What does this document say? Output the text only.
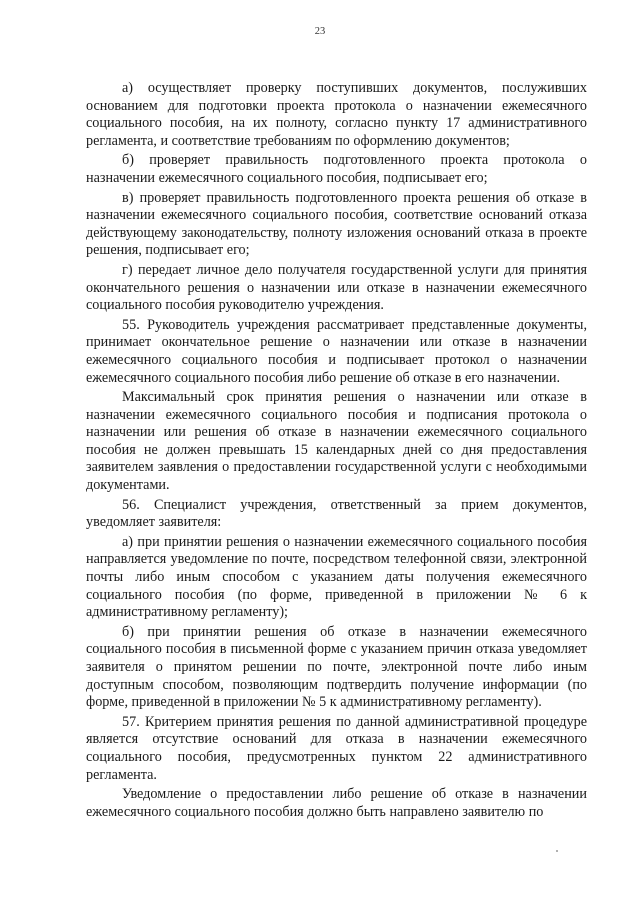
23

а) осуществляет проверку поступивших документов, послуживших основанием для подготовки проекта протокола о назначении ежемесячного социального пособия, на их полноту, согласно пункту 17 административного регламента, и соответствие требованиям по оформлению документов;

б) проверяет правильность подготовленного проекта протокола о назначении ежемесячного социального пособия, подписывает его;

в) проверяет правильность подготовленного проекта решения об отказе в назначении ежемесячного социального пособия, соответствие оснований отказа действующему законодательству, полноту изложения оснований отказа в проекте решения, подписывает его;

г) передает личное дело получателя государственной услуги для принятия окончательного решения о назначении или отказе в назначении ежемесячного социального пособия руководителю учреждения.

55. Руководитель учреждения рассматривает представленные документы, принимает окончательное решение о назначении или отказе в назначении ежемесячного социального пособия и подписывает протокол о назначении ежемесячного социального пособия либо решение об отказе в его назначении.

Максимальный срок принятия решения о назначении или отказе в назначении ежемесячного социального пособия и подписания протокола о назначении или решения об отказе в назначении ежемесячного социального пособия не должен превышать 15 календарных дней со дня предоставления заявителем заявления о предоставлении государственной услуги с необходимыми документами.

56. Специалист учреждения, ответственный за прием документов, уведомляет заявителя:

а) при принятии решения о назначении ежемесячного социального пособия направляется уведомление по почте, посредством телефонной связи, электронной почты либо иным способом с указанием даты получения ежемесячного социального пособия (по форме, приведенной в приложении № 6 к административному регламенту);

б) при принятии решения об отказе в назначении ежемесячного социального пособия в письменной форме с указанием причин отказа уведомляет заявителя о принятом решении по почте, электронной почте либо иным доступным способом, позволяющим подтвердить получение информации (по форме, приведенной в приложении № 5 к административному регламенту).

57. Критерием принятия решения по данной административной процедуре является отсутствие оснований для отказа в назначении ежемесячного социального пособия, предусмотренных пунктом 22 административного регламента.

Уведомление о предоставлении либо решение об отказе в назначении ежемесячного социального пособия должно быть направлено заявителю по
